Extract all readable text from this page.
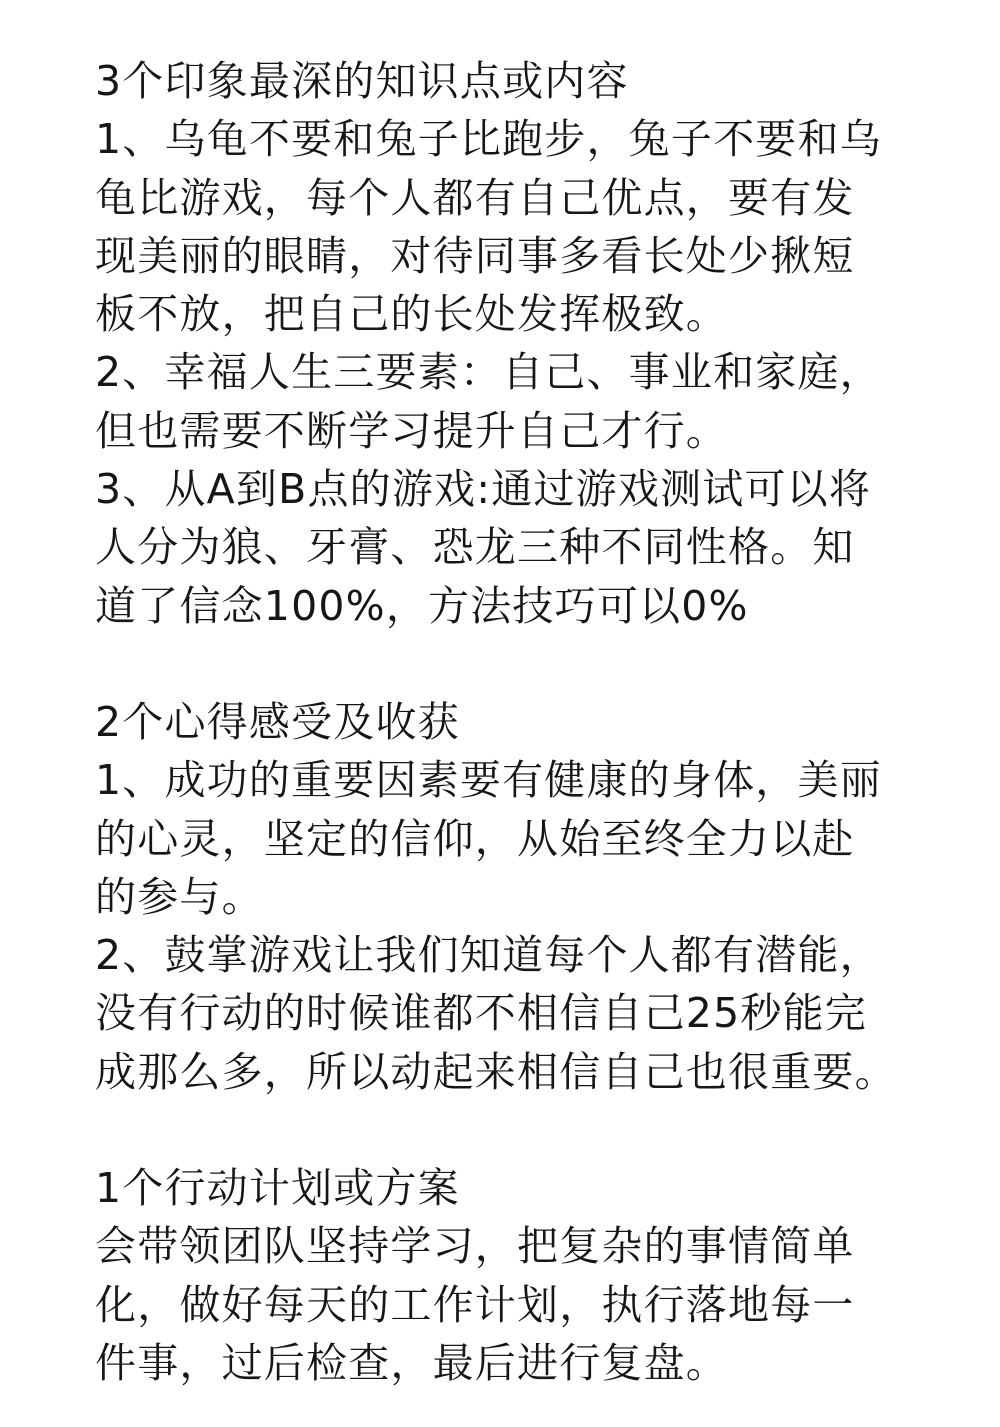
3个印象最深的知识点或内容
1、乌龟不要和兔子比跑步，兔子不要和乌
龟比游戏，每个人都有自己优点，要有发
现美丽的眼睛，对待同事多看长处少揪短
板不放，把自己的长处发挥极致。
2、幸福人生三要素：自己、事业和家庭，
但也需要不断学习提升自己才行。
3、从A到B点的游戏:通过游戏测试可以将
人分为狼、牙膏、恐龙三种不同性格。知
道了信念100%，方法技巧可以0%
2个心得感受及收获
1、成功的重要因素要有健康的身体，美丽
的心灵，坚定的信仰，从始至终全力以赴
的参与。
2、鼓掌游戏让我们知道每个人都有潜能，
没有行动的时候谁都不相信自己25秒能完
成那么多，所以动起来相信自己也很重要。
1个行动计划或方案
会带领团队坚持学习，把复杂的事情简单
化，做好每天的工作计划，执行落地每一
件事，过后检查，最后进行复盘。
